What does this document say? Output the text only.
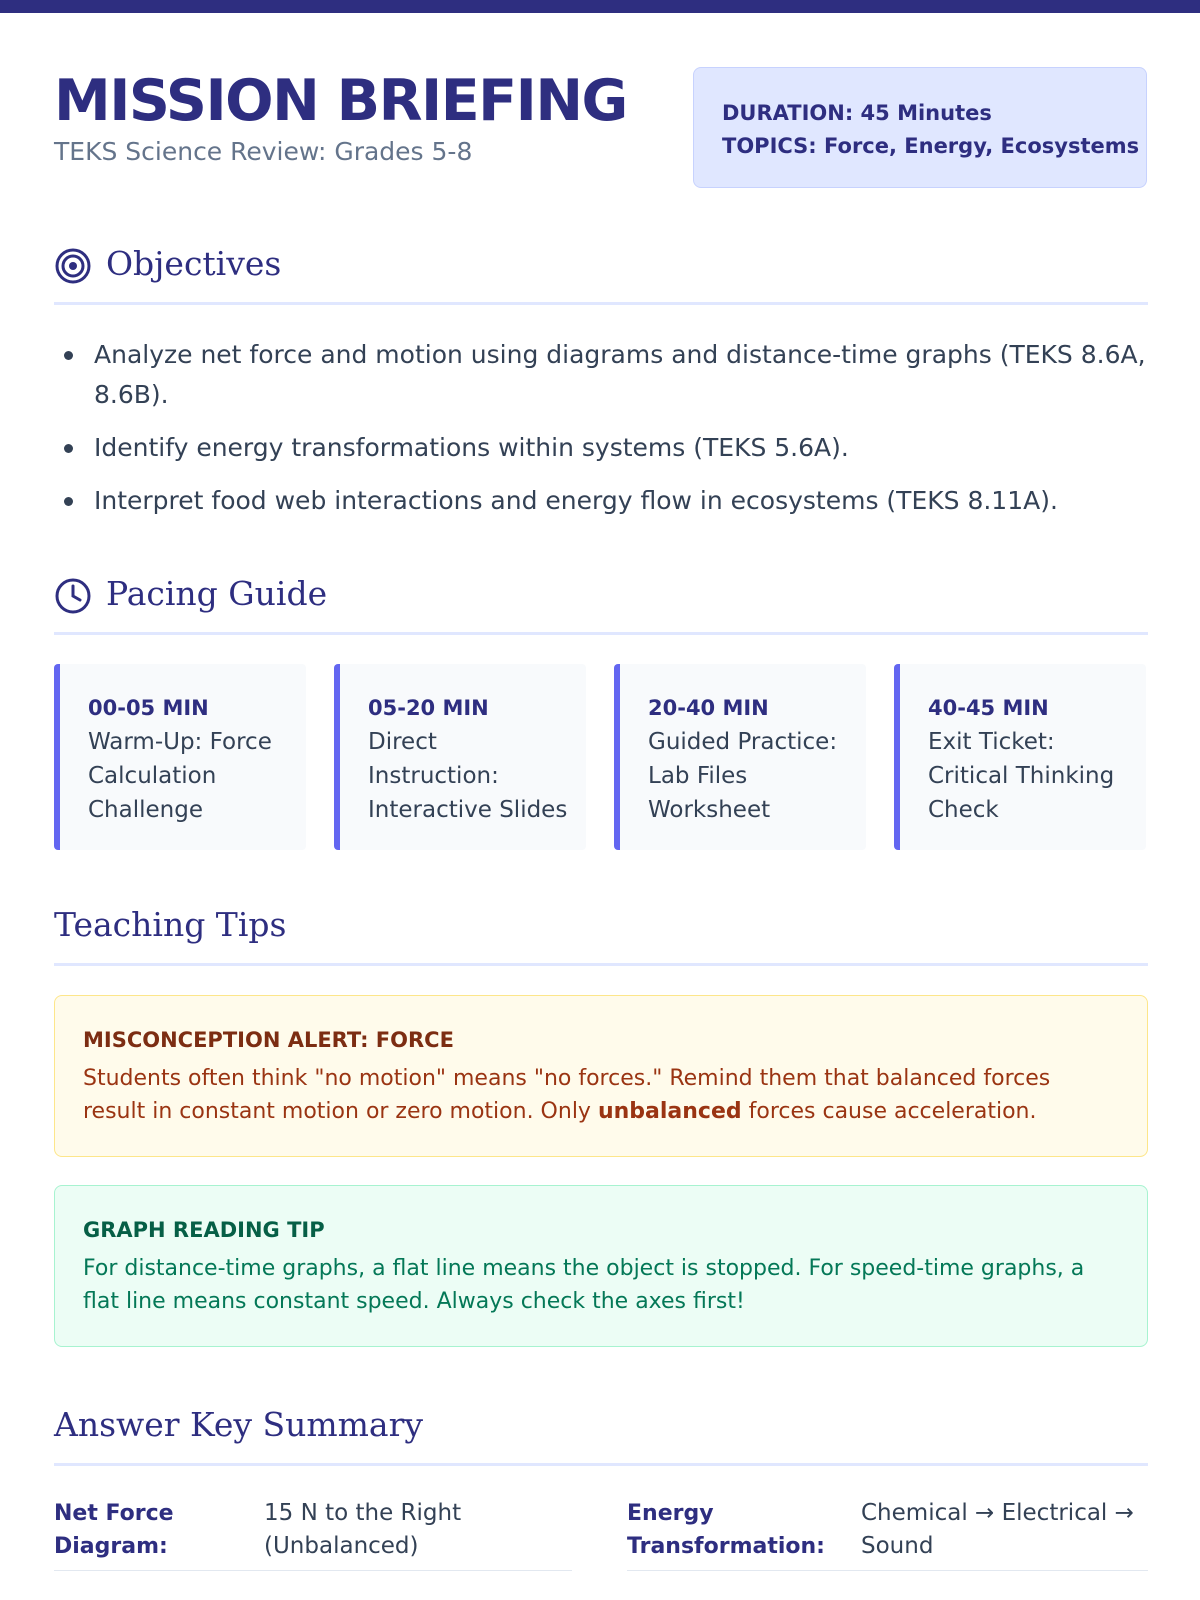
MISSION BRIEFING
TEKS Science Review: Grades 5-8
DURATION: 45 Minutes
TOPICS: Force, Energy, Ecosystems
Objectives
Analyze net force and motion using diagrams and distance-time graphs (TEKS 8.6A, 8.6B).
Identify energy transformations within systems (TEKS 5.6A).
Interpret food web interactions and energy flow in ecosystems (TEKS 8.11A).
Pacing Guide
00-05 MIN
Warm-Up: Force Calculation Challenge
05-20 MIN
Direct Instruction: Interactive Slides
20-40 MIN
Guided Practice: Lab Files Worksheet
40-45 MIN
Exit Ticket: Critical Thinking Check
Teaching Tips
MISCONCEPTION ALERT: FORCE
Students often think "no motion" means "no forces." Remind them that balanced forces result in constant motion or zero motion. Only unbalanced forces cause acceleration.
GRAPH READING TIP
For distance-time graphs, a flat line means the object is stopped. For speed-time graphs, a flat line means constant speed. Always check the axes first!
Answer Key Summary
Net Force Diagram:
15 N to the Right (Unbalanced)
Energy Transformation:
Chemical → Electrical → Sound
